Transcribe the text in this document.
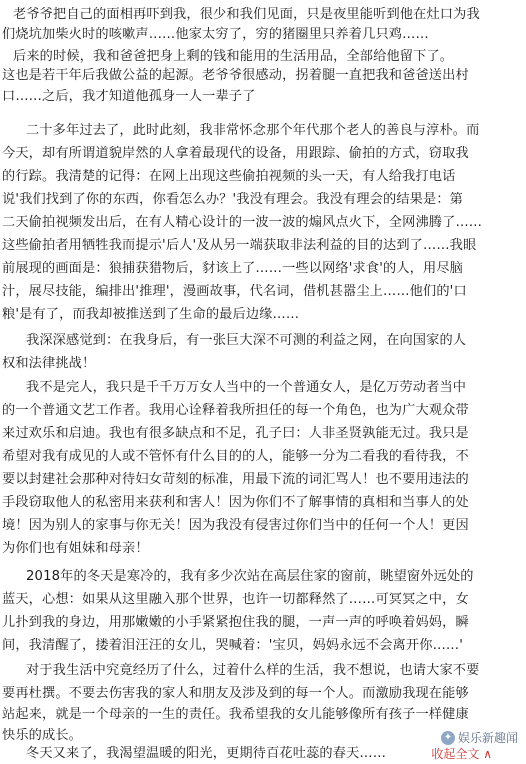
老爷爷把自己的面相再吓到我，很少和我们见面，只是夜里能听到他在灶口为我
们烧坑加柴火时的咳嗽声……他家太穷了，穷的猪圈里只养着几只鸡……
后来的时候，我和爸爸把身上剩的钱和能用的生活用品，全部给他留下了。
这也是若干年后我做公益的起源。老爷爷很感动，拐着腿一直把我和爸爸送出村
口……之后，我才知道他孤身一人一辈子了
二十多年过去了，此时此刻，我非常怀念那个年代那个老人的善良与淳朴。而
今天，却有所谓道貌岸然的人拿着最现代的设备，用跟踪、偷拍的方式，窃取我
的行踪。我清楚的记得：在网上出现这些偷拍视频的头一天，有人给我打电话
说'我们找到了你的东西，你看怎么办？'我没有理会。我没有理会的结果是：第
二天偷拍视频发出后，在有人精心设计的一波一波的煽风点火下，全网沸腾了……
这些偷拍者用牺牲我而提示'后人'及从另一端获取非法利益的目的达到了……我眼
前展现的画面是：狼捕获猎物后，豺该上了……一些以网络'求食'的人，用尽脑
汁，展尽技能，编排出'推理'，漫画故事，代名词，借机甚嚣尘上……他们的'口
粮'是有了，而我却被推送到了生命的最后边缘……
我深深感觉到：在我身后，有一张巨大深不可测的利益之网，在向国家的人
权和法律挑战！
我不是完人，我只是千千万万女人当中的一个普通女人，是亿万劳动者当中
的一个普通文艺工作者。我用心诠释着我所担任的每一个角色，也为广大观众带
来过欢乐和启迪。我也有很多缺点和不足，孔子曰：人非圣贤孰能无过。我只是
希望对我有成见的人或不管怀有什么目的的人，能够一分为二看我的看待我，不
要以封建社会那种对待妇女苛刻的标准，用最下流的词汇骂人！也不要用违法的
手段窃取他人的私密用来获利和害人！因为你们不了解事情的真相和当事人的处
境！因为别人的家事与你无关！因为我没有侵害过你们当中的任何一个人！更因
为你们也有姐妹和母亲！
2018年的冬天是寒冷的，我有多少次站在高层住家的窗前，眺望窗外远处的
蓝天，心想：如果从这里融入那个世界，也许一切都释然了……可冥冥之中，女
儿扑到我的身边，用那嫩嫩的小手紧紧抱住我的腿，一声一声的呼唤着妈妈，瞬
间，我清醒了，搂着泪汪汪的女儿，哭喊着：'宝贝，妈妈永远不会离开你……'
对于我生活中究竟经历了什么，过着什么样的生活，我不想说，也请大家不要
要再杜撰。不要去伤害我的家人和朋友及涉及到的每一个人。而激励我现在能够
站起来，就是一个母亲的一生的责任。我希望我的女儿能够像所有孩子一样健康
快乐的成长。
冬天又来了，我渴望温暖的阳光，更期待百花吐蕊的春天……
✦ 娱乐新趣闻
收起全文 ∧
